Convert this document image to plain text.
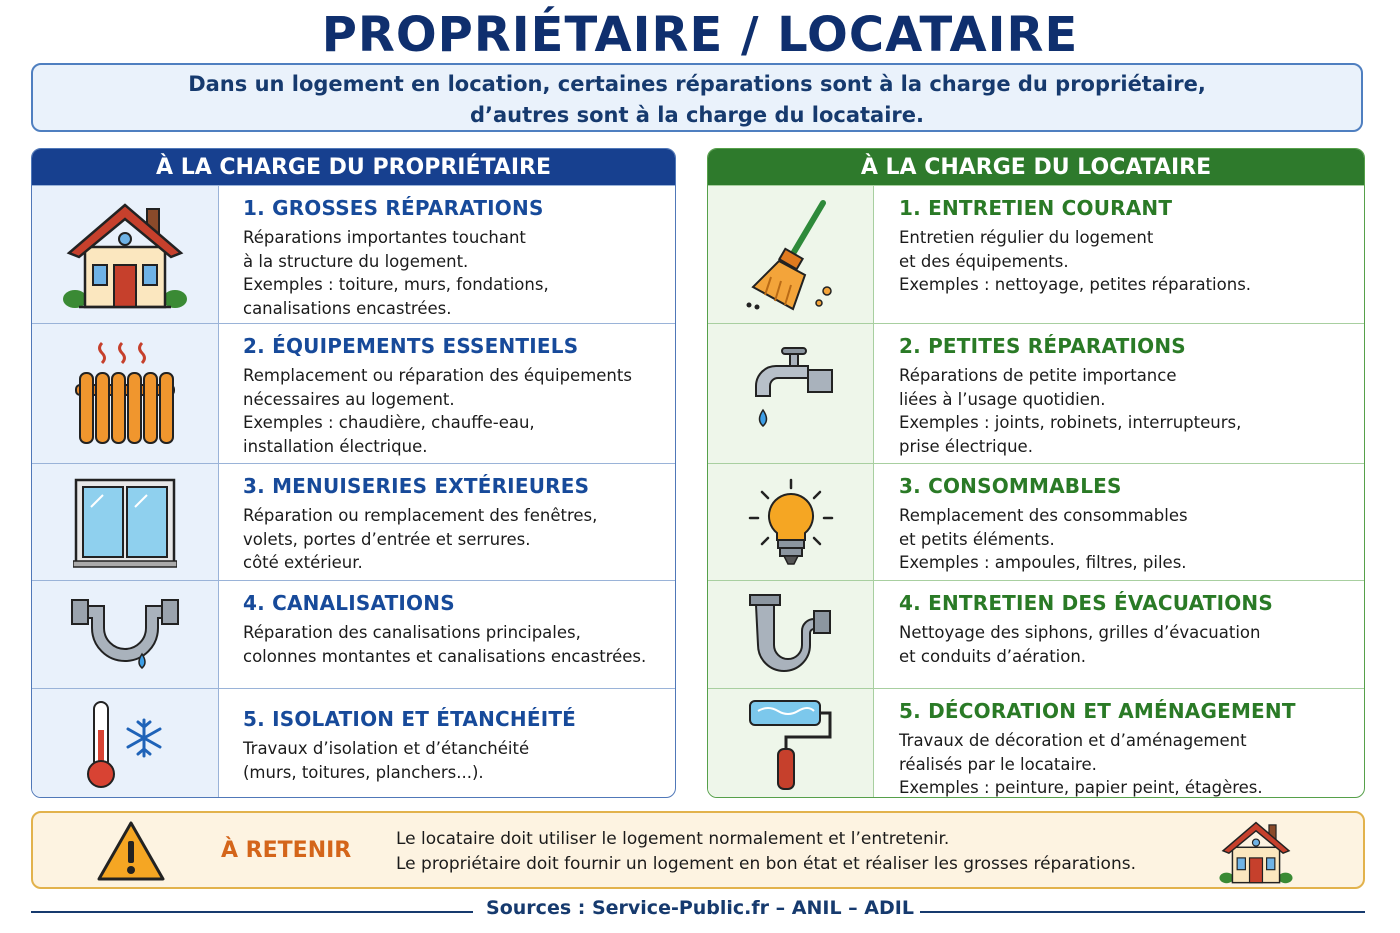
PROPRIÉTAIRE / LOCATAIRE
Dans un logement en location, certaines réparations sont à la charge du propriétaire,
d’autres sont à la charge du locataire.
À LA CHARGE DU PROPRIÉTAIRE
1. GROSSES RÉPARATIONS
Réparations importantes touchant
à la structure du logement.
Exemples : toiture, murs, fondations,
canalisations encastrées.
2. ÉQUIPEMENTS ESSENTIELS
Remplacement ou réparation des équipements
nécessaires au logement.
Exemples : chaudière, chauffe-eau,
installation électrique.
3. MENUISERIES EXTÉRIEURES
Réparation ou remplacement des fenêtres,
volets, portes d’entrée et serrures.
côté extérieur.
4. CANALISATIONS
Réparation des canalisations principales,
colonnes montantes et canalisations encastrées.
5. ISOLATION ET ÉTANCHÉITÉ
Travaux d’isolation et d’étanchéité
(murs, toitures, planchers...).
À LA CHARGE DU LOCATAIRE
1. ENTRETIEN COURANT
Entretien régulier du logement
et des équipements.
Exemples : nettoyage, petites réparations.
2. PETITES RÉPARATIONS
Réparations de petite importance
liées à l’usage quotidien.
Exemples : joints, robinets, interrupteurs,
prise électrique.
3. CONSOMMABLES
Remplacement des consommables
et petits éléments.
Exemples : ampoules, filtres, piles.
4. ENTRETIEN DES ÉVACUATIONS
Nettoyage des siphons, grilles d’évacuation
et conduits d’aération.
5. DÉCORATION ET AMÉNAGEMENT
Travaux de décoration et d’aménagement
réalisés par le locataire.
Exemples : peinture, papier peint, étagères.
À RETENIR	Le locataire doit utiliser le logement normalement et l’entretenir.
Le propriétaire doit fournir un logement en bon état et réaliser les grosses réparations.
Sources : Service-Public.fr – ANIL – ADIL
